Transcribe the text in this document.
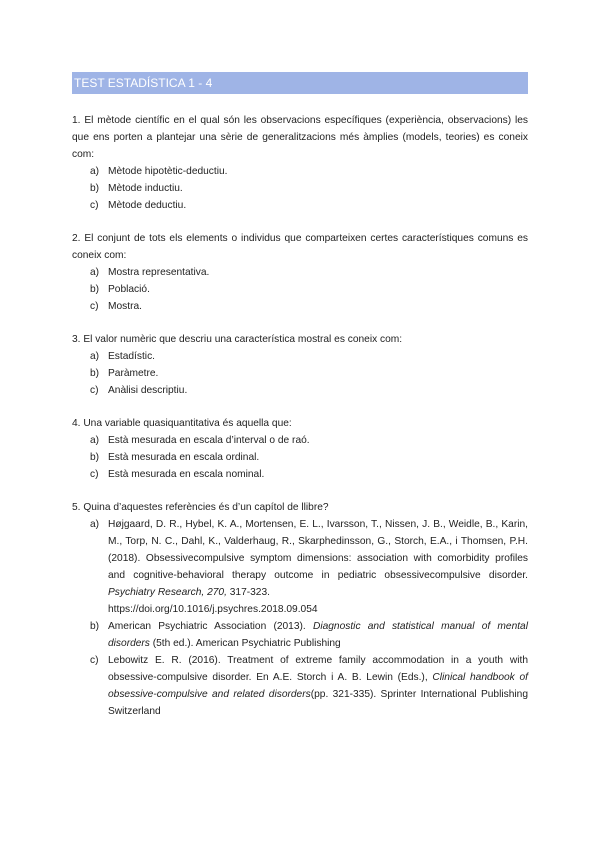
TEST ESTADÍSTICA 1 - 4

1. El mètode científic en el qual són les observacions específiques (experiència, observacions) les que ens porten a plantejar una sèrie de generalitzacions més àmplies (models, teories) es coneix com:

a) Mètode hipotètic-deductiu.
b) Mètode inductiu.
c) Mètode deductiu.

2. El conjunt de tots els elements o individus que comparteixen certes característiques comuns es coneix com:

a) Mostra representativa.
b) Població.
c) Mostra.

3. El valor numèric que descriu una característica mostral es coneix com:

a) Estadístic.
b) Paràmetre.
c) Anàlisi descriptiu.

4. Una variable quasiquantitativa és aquella que:

a) Està mesurada en escala d’interval o de raó.
b) Està mesurada en escala ordinal.
c) Està mesurada en escala nominal.

5. Quina d’aquestes referències és d’un capítol de llibre?

a) Højgaard, D. R., Hybel, K. A., Mortensen, E. L., Ivarsson, T., Nissen, J. B., Weidle, B., Karin, M., Torp, N. C., Dahl, K., Valderhaug, R., Skarphedinsson, G., Storch, E.A., i Thomsen, P.H. (2018). Obsessivecompulsive symptom dimensions: association with comorbidity profiles and cognitive-behavioral therapy outcome in pediatric obsessivecompulsive disorder. Psychiatry Research, 270, 317-323.
https://doi.org/10.1016/j.psychres.2018.09.054
b) American Psychiatric Association (2013). Diagnostic and statistical manual of mental disorders (5th ed.). American Psychiatric Publishing
c) Lebowitz E. R. (2016). Treatment of extreme family accommodation in a youth with obsessive-compulsive disorder. En A.E. Storch i A. B. Lewin (Eds.), Clinical handbook of obsessive-compulsive and related disorders(pp. 321-335). Sprinter International Publishing Switzerland
